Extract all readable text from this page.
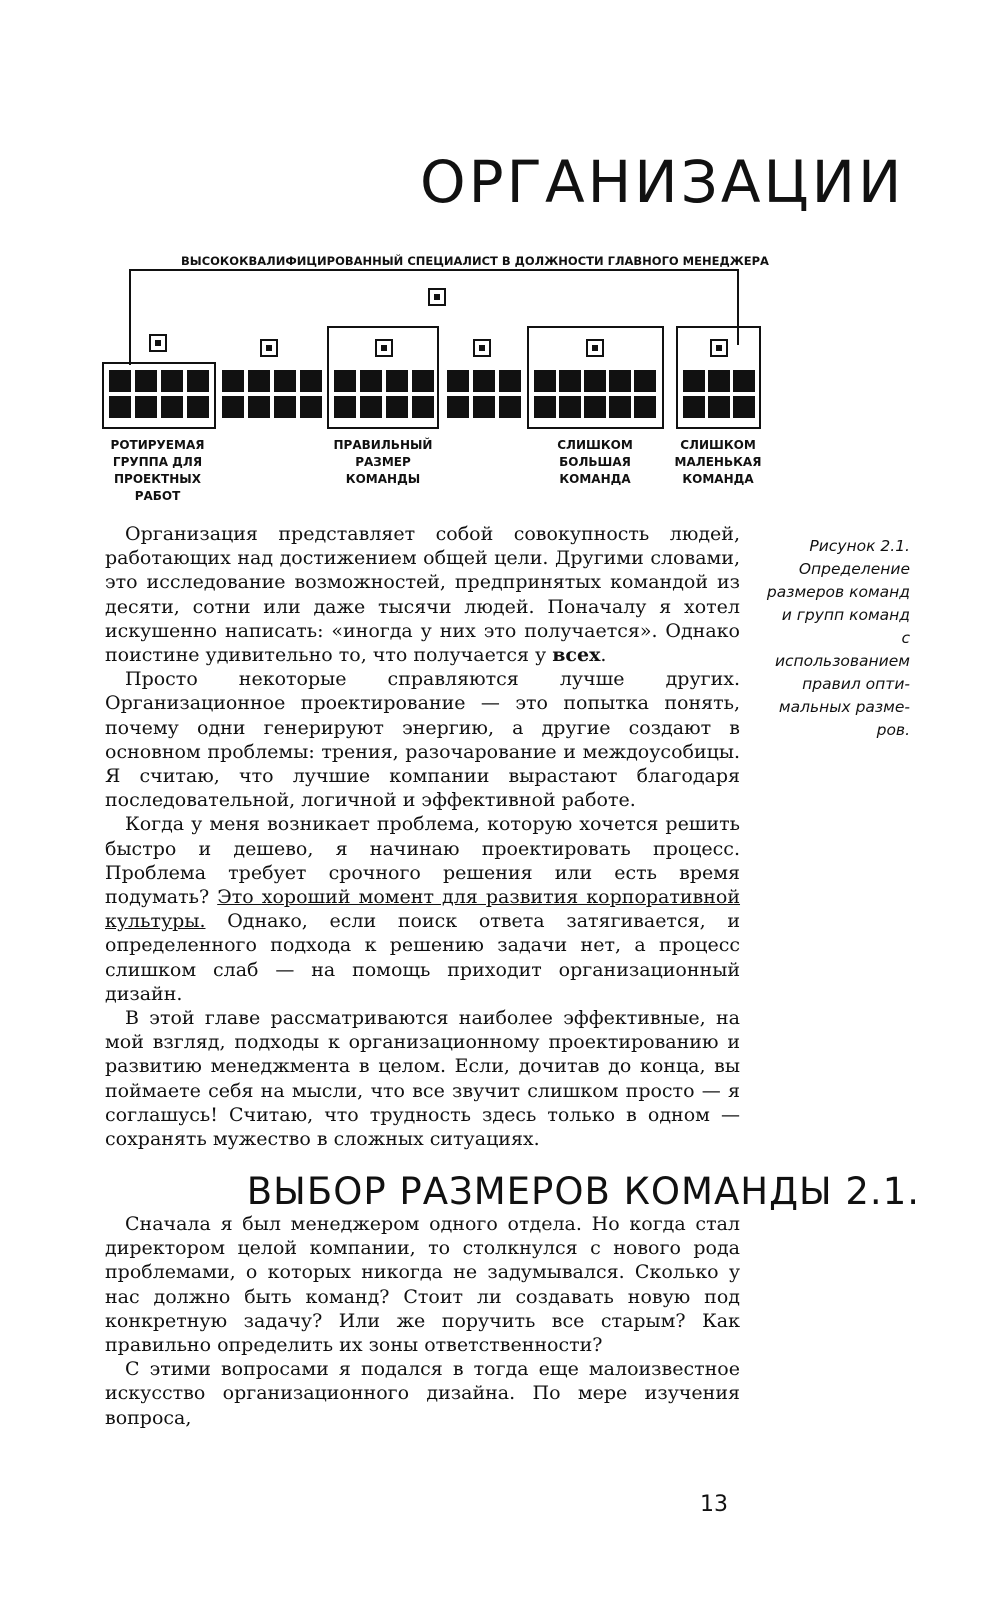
ОРГАНИЗАЦИИ
ВЫСОКОКВАЛИФИЦИРОВАННЫЙ СПЕЦИАЛИСТ В ДОЛЖНОСТИ ГЛАВНОГО МЕНЕДЖЕРА
РОТИРУЕМАЯ
ГРУППА ДЛЯ
ПРОЕКТНЫХ РАБОТ
ПРАВИЛЬНЫЙ
РАЗМЕР
КОМАНДЫ
СЛИШКОМ
БОЛЬШАЯ
КОМАНДА
СЛИШКОМ
МАЛЕНЬКАЯ
КОМАНДА
Рисунок 2.1.
Определение
размеров команд
и групп команд
с использованием
правил опти-
мальных разме-
ров.

Организация представляет собой совокупность людей, работающих над достижением общей цели. Другими словами, это исследование возможностей, предпринятых командой из десяти, сотни или даже тысячи людей. Поначалу я хотел искушенно написать: «иногда у них это получается». Однако поистине удивительно то, что получается у всех.

Просто некоторые справляются лучше других. Организационное проектирование — это попытка понять, почему одни генерируют энергию, а другие создают в основном проблемы: трения, разочарование и междоусобицы. Я считаю, что лучшие компании вырастают благодаря последовательной, логичной и эффективной работе.

Когда у меня возникает проблема, которую хочется решить быстро и дешево, я начинаю проектировать процесс. Проблема требует срочного решения или есть время подумать? Это хороший момент для развития корпоративной культуры. Однако, если поиск ответа затягивается, и определенного подхода к решению задачи нет, а процесс слишком слаб — на помощь приходит организационный дизайн.

В этой главе рассматриваются наиболее эффективные, на мой взгляд, подходы к организационному проектированию и развитию менеджмента в целом. Если, дочитав до конца, вы поймаете себя на мысли, что все звучит слишком просто — я соглашусь! Считаю, что трудность здесь только в одном — сохранять мужество в сложных ситуациях.

ВЫБОР РАЗМЕРОВ КОМАНДЫ 2.1.

Сначала я был менеджером одного отдела. Но когда стал директором целой компании, то столкнулся с нового рода проблемами, о которых никогда не задумывался. Сколько у нас должно быть команд? Стоит ли создавать новую под конкретную задачу? Или же поручить все старым? Как правильно определить их зоны ответственности?

С этими вопросами я подался в тогда еще малоизвестное искусство организационного дизайна. По мере изучения вопроса,

13
